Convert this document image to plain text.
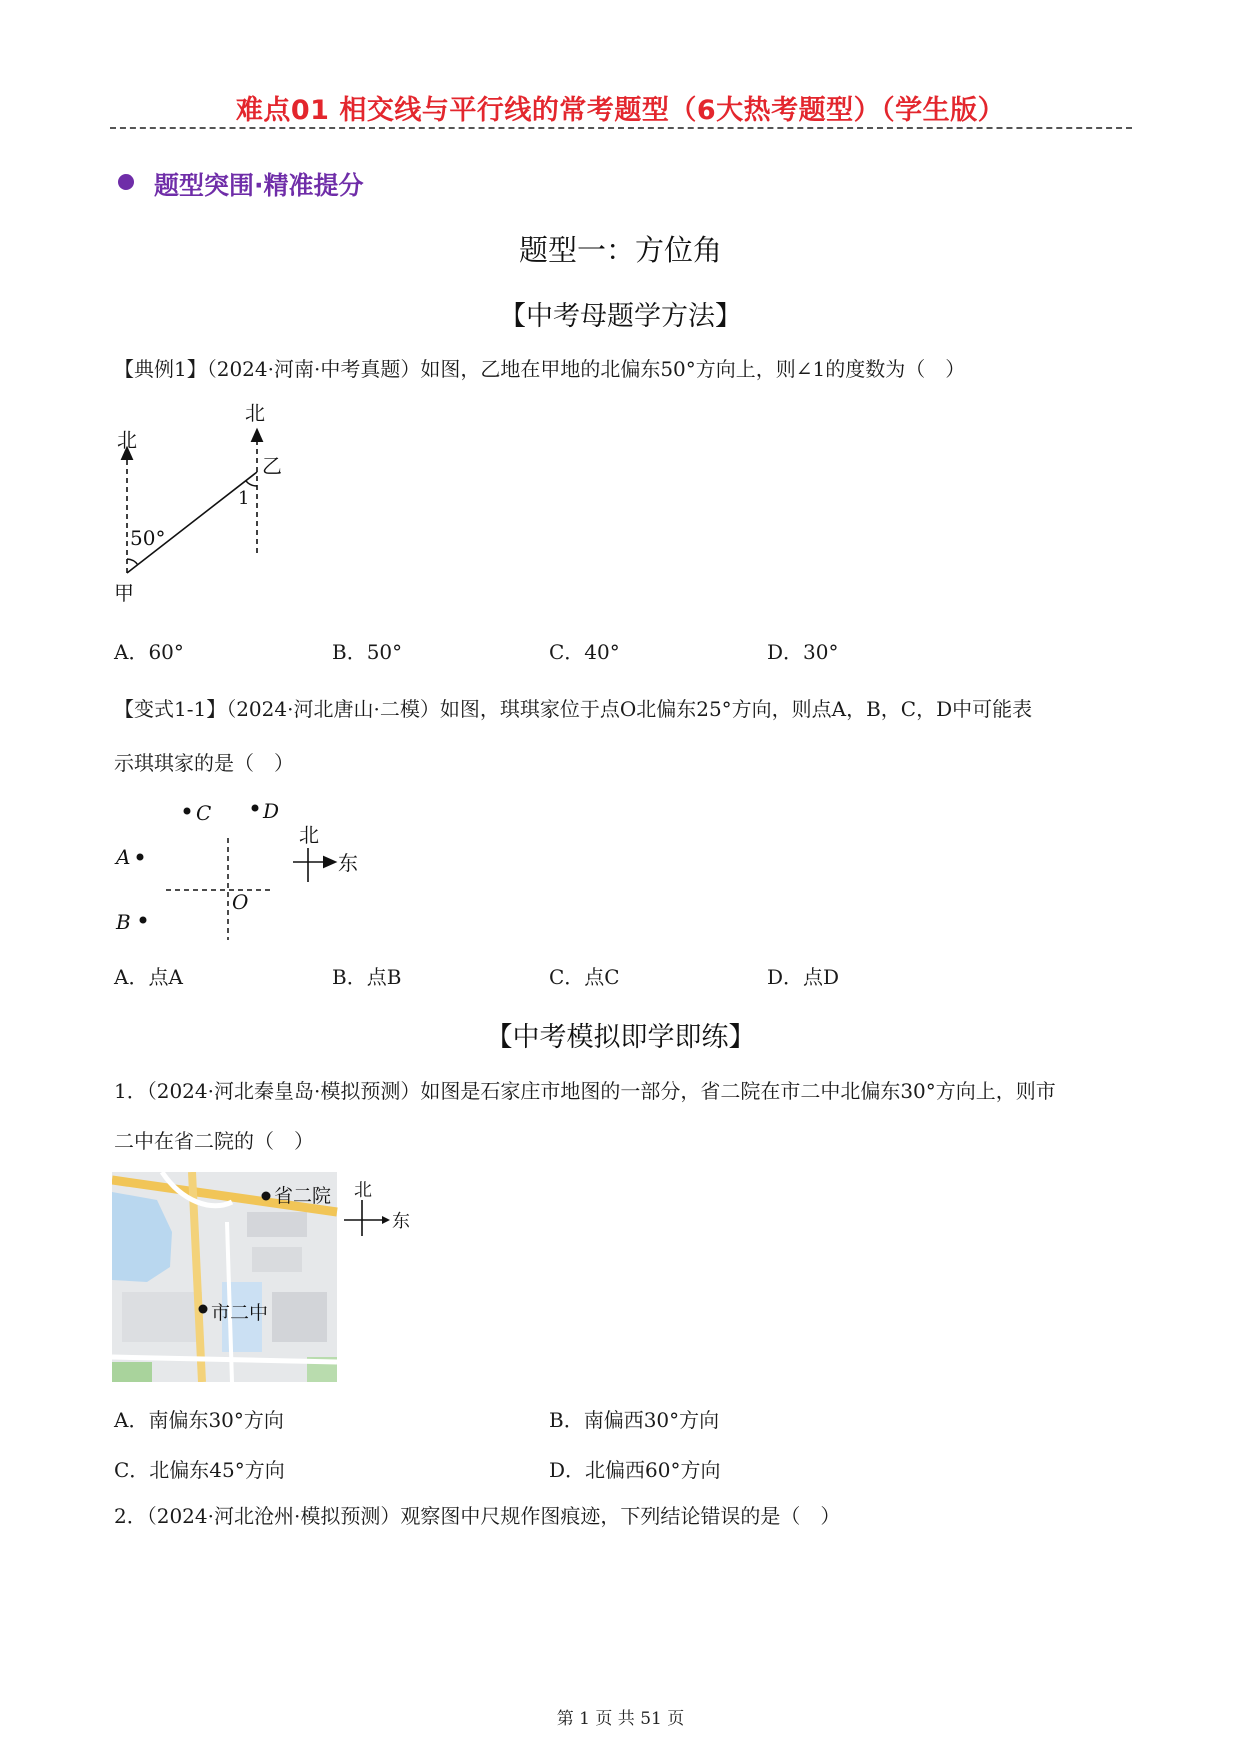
难点01 相交线与平行线的常考题型（6大热考题型）（学生版）
题型突围·精准提分
题型一：方位角
【中考母题学方法】
【典例1】（2024·河南·中考真题）如图，乙地在甲地的北偏东50°方向上，则∠1的度数为（　）
北
北
50°
1
乙
甲
A．60°	B．50°	C．40°	D．30°
【变式1-1】（2024·河北唐山·二模）如图，琪琪家位于点O北偏东25°方向，则点A，B，C，D中可能表
示琪琪家的是（　）
C	D
A
B
O
北
东
A．点A	B．点B	C．点C	D．点D
【中考模拟即学即练】
1．（2024·河北秦皇岛·模拟预测）如图是石家庄市地图的一部分，省二院在市二中北偏东30°方向上，则市
二中在省二院的（　）
省二院
市二中
北
东
A．南偏东30°方向	B．南偏西30°方向
C．北偏东45°方向	D．北偏西60°方向
2．（2024·河北沧州·模拟预测）观察图中尺规作图痕迹，下列结论错误的是（　）
第 1 页 共 51 页
